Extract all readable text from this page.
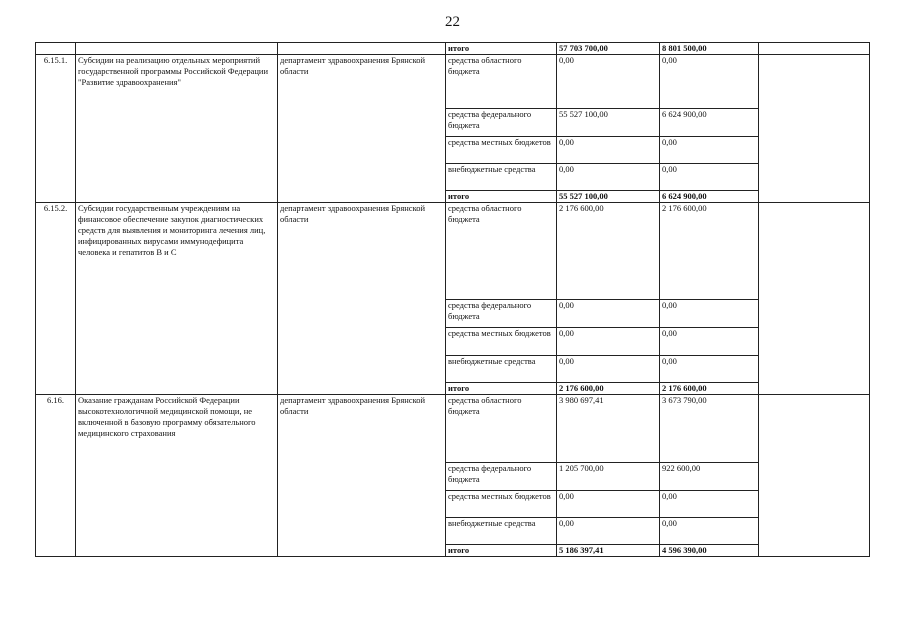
22
			итого	57 703 700,00	8 801 500,00	
6.15.1.	Субсидии на реализацию отдельных мероприятий государственной программы Российской Федерации "Развитие здравоохранения"	департамент здравоохранения Брянской области	средства областного бюджета	0,00	0,00	
			средства федерального бюджета	55 527 100,00	6 624 900,00	
			средства местных бюджетов	0,00	0,00	
			внебюджетные средства	0,00	0,00	
			итого	55 527 100,00	6 624 900,00	
6.15.2.	Субсидии государственным учреждениям на финансовое обеспечение закупок диагностических средств для выявления и мониторинга лечения лиц, инфицированных вирусами иммунодефицита человека и гепатитов В и С	департамент здравоохранения Брянской области	средства областного бюджета	2 176 600,00	2 176 600,00	
			средства федерального бюджета	0,00	0,00	
			средства местных бюджетов	0,00	0,00	
			внебюджетные средства	0,00	0,00	
			итого	2 176 600,00	2 176 600,00	
6.16.	Оказание гражданам Российской Федерации высокотехнологичной медицинской помощи, не включенной в базовую программу обязательного медицинского страхования	департамент здравоохранения Брянской области	средства областного бюджета	3 980 697,41	3 673 790,00	
			средства федерального бюджета	1 205 700,00	922 600,00	
			средства местных бюджетов	0,00	0,00	
			внебюджетные средства	0,00	0,00	
			итого	5 186 397,41	4 596 390,00	
